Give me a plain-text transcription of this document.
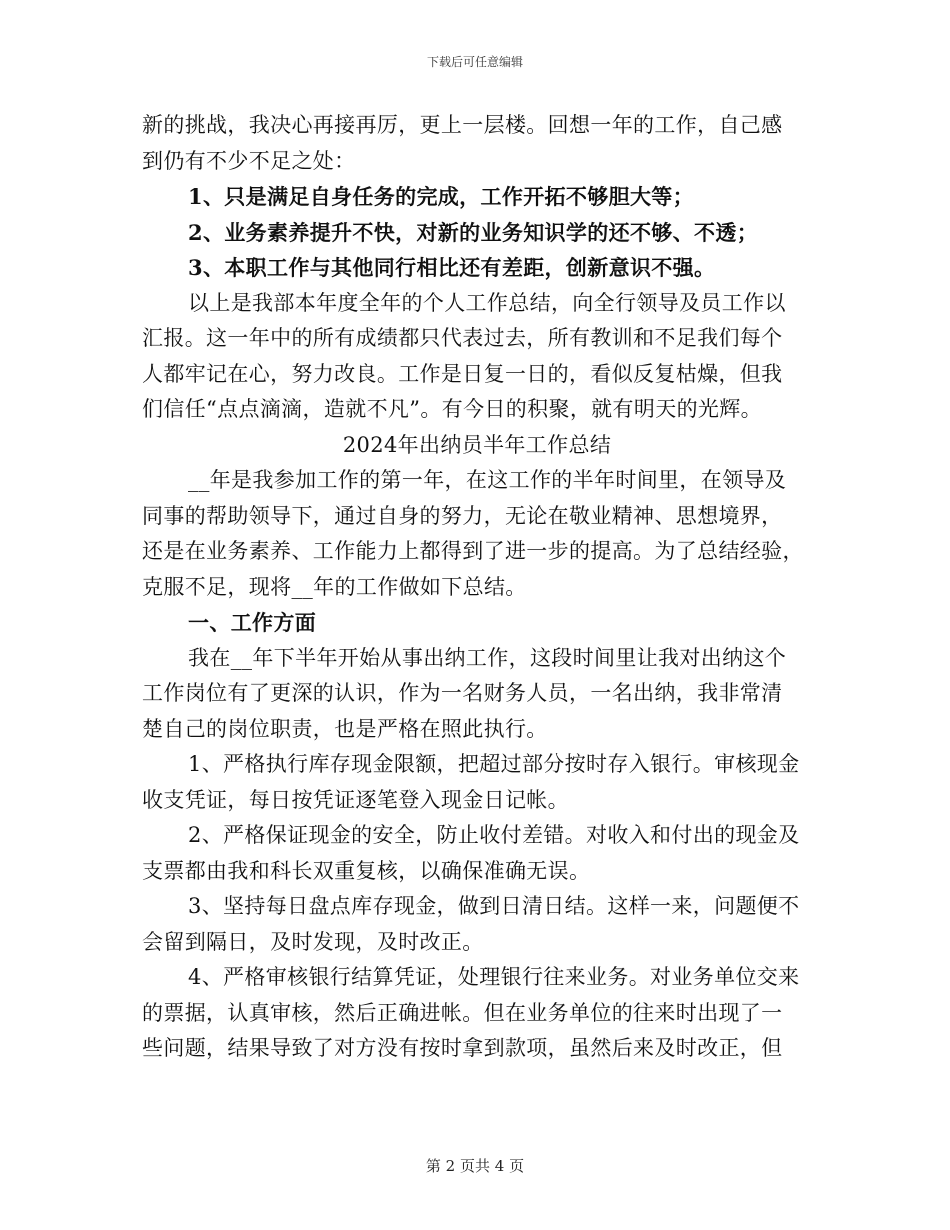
下载后可任意编辑
新的挑战，我决心再接再厉，更上一层楼。回想一年的工作，自己感
到仍有不少不足之处：
1、只是满足自身任务的完成，工作开拓不够胆大等；
2、业务素养提升不快，对新的业务知识学的还不够、不透；
3、本职工作与其他同行相比还有差距，创新意识不强。
以上是我部本年度全年的个人工作总结，向全行领导及员工作以
汇报。这一年中的所有成绩都只代表过去，所有教训和不足我们每个
人都牢记在心，努力改良。工作是日复一日的，看似反复枯燥，但我
们信任“点点滴滴，造就不凡”。有今日的积聚，就有明天的光辉。
2024年出纳员半年工作总结
__年是我参加工作的第一年，在这工作的半年时间里，在领导及
同事的帮助领导下，通过自身的努力，无论在敬业精神、思想境界，
还是在业务素养、工作能力上都得到了进一步的提高。为了总结经验，
克服不足，现将__年的工作做如下总结。
一、工作方面
我在__年下半年开始从事出纳工作，这段时间里让我对出纳这个
工作岗位有了更深的认识，作为一名财务人员，一名出纳，我非常清
楚自己的岗位职责，也是严格在照此执行。
1、严格执行库存现金限额，把超过部分按时存入银行。审核现金
收支凭证，每日按凭证逐笔登入现金日记帐。
2、严格保证现金的安全，防止收付差错。对收入和付出的现金及
支票都由我和科长双重复核，以确保准确无误。
3、坚持每日盘点库存现金，做到日清日结。这样一来，问题便不
会留到隔日，及时发现，及时改正。
4、严格审核银行结算凭证，处理银行往来业务。对业务单位交来
的票据，认真审核，然后正确进帐。但在业务单位的往来时出现了一
些问题，结果导致了对方没有按时拿到款项，虽然后来及时改正，但
第 2 页共 4 页
